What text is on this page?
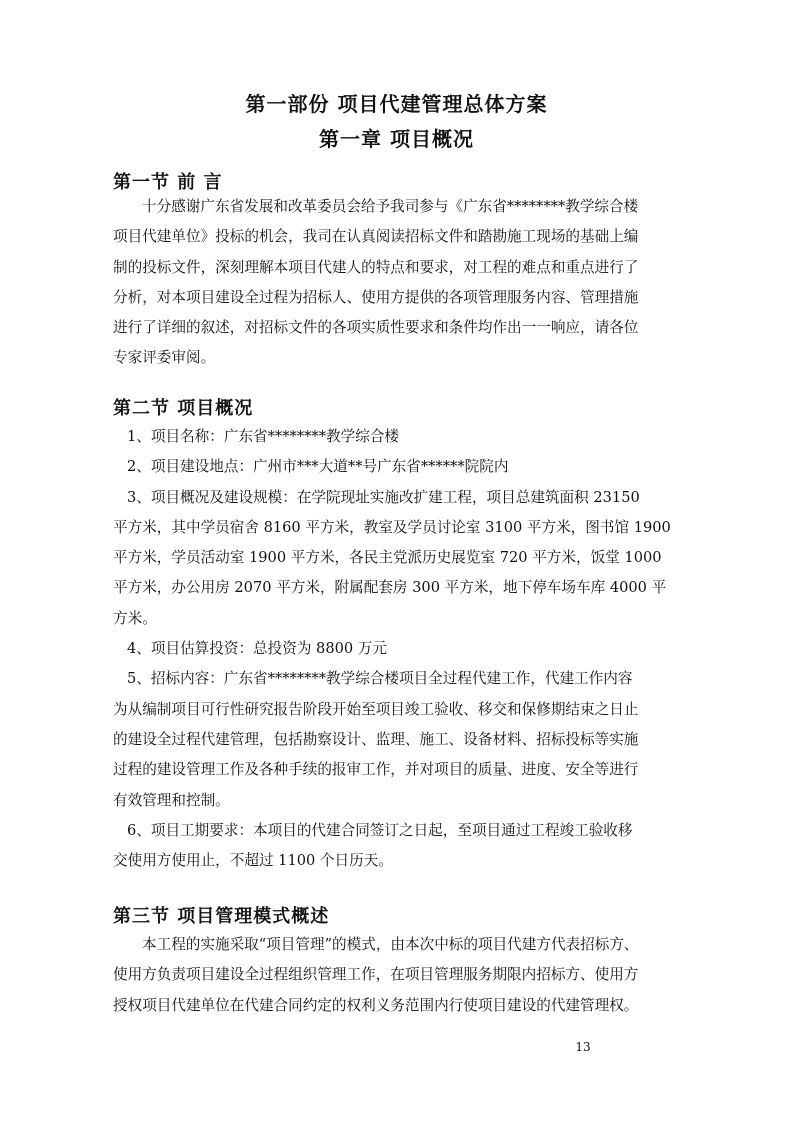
第一部份 项目代建管理总体方案
第一章 项目概况
第一节 前 言
十分感谢广东省发展和改革委员会给予我司参与《广东省********教学综合楼
项目代建单位》投标的机会，我司在认真阅读招标文件和踏勘施工现场的基础上编
制的投标文件，深刻理解本项目代建人的特点和要求，对工程的难点和重点进行了
分析，对本项目建设全过程为招标人、使用方提供的各项管理服务内容、管理措施
进行了详细的叙述，对招标文件的各项实质性要求和条件均作出一一响应，请各位
专家评委审阅。
第二节 项目概况
1、项目名称：广东省********教学综合楼
2、项目建设地点：广州市***大道**号广东省******院院内
3、项目概况及建设规模：在学院现址实施改扩建工程，项目总建筑面积 23150
平方米，其中学员宿舍 8160 平方米，教室及学员讨论室 3100 平方米，图书馆 1900
平方米，学员活动室 1900 平方米，各民主党派历史展览室 720 平方米，饭堂 1000
平方米，办公用房 2070 平方米，附属配套房 300 平方米，地下停车场车库 4000 平
方米。
4、项目估算投资：总投资为 8800 万元
5、招标内容：广东省********教学综合楼项目全过程代建工作，代建工作内容
为从编制项目可行性研究报告阶段开始至项目竣工验收、移交和保修期结束之日止
的建设全过程代建管理，包括勘察设计、监理、施工、设备材料、招标投标等实施
过程的建设管理工作及各种手续的报审工作，并对项目的质量、进度、安全等进行
有效管理和控制。
6、项目工期要求：本项目的代建合同签订之日起，至项目通过工程竣工验收移
交使用方使用止，不超过 1100 个日历天。
第三节 项目管理模式概述
本工程的实施采取“项目管理”的模式，由本次中标的项目代建方代表招标方、
使用方负责项目建设全过程组织管理工作，在项目管理服务期限内招标方、使用方
授权项目代建单位在代建合同约定的权利义务范围内行使项目建设的代建管理权。
13
